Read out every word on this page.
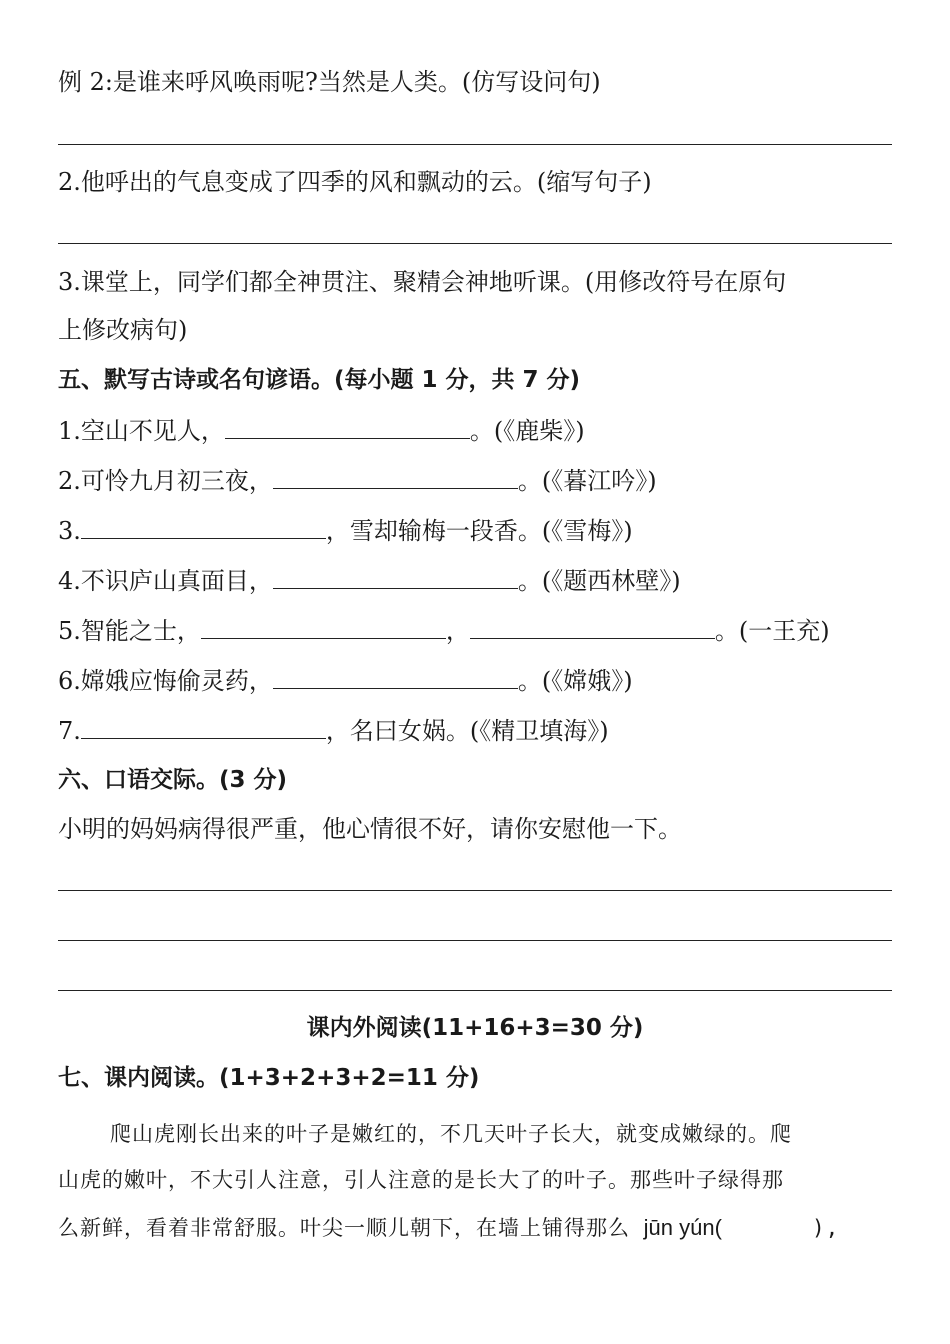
例 2:是谁来呼风唤雨呢?当然是人类。(仿写设问句)
2.他呼出的气息变成了四季的风和飘动的云。(缩写句子)
3.课堂上，同学们都全神贯注、聚精会神地听课。(用修改符号在原句
上修改病句)
五、默写古诗或名句谚语。(每小题 1 分，共 7 分)
1.空山不见人，	。(《鹿柴》)
2.可怜九月初三夜，	。(《暮江吟》)
3.	，雪却输梅一段香。(《雪梅》)
4.不识庐山真面目，	。(《题西林壁》)
5.智能之士，	，	。(一王充)
6.嫦娥应悔偷灵药，	。(《嫦娥》)
7.	，名曰女娲。(《精卫填海》)
六、口语交际。(3 分)
小明的妈妈病得很严重，他心情很不好，请你安慰他一下。
课内外阅读(11+16+3=30 分)
七、课内阅读。(1+3+2+3+2=11 分)
爬山虎刚长出来的叶子是嫩红的，不几天叶子长大，就变成嫩绿的。爬
山虎的嫩叶，不大引人注意，引人注意的是长大了的叶子。那些叶子绿得那
么新鲜，看着非常舒服。叶尖一顺儿朝下，在墙上铺得那么 jūn yún(	),
